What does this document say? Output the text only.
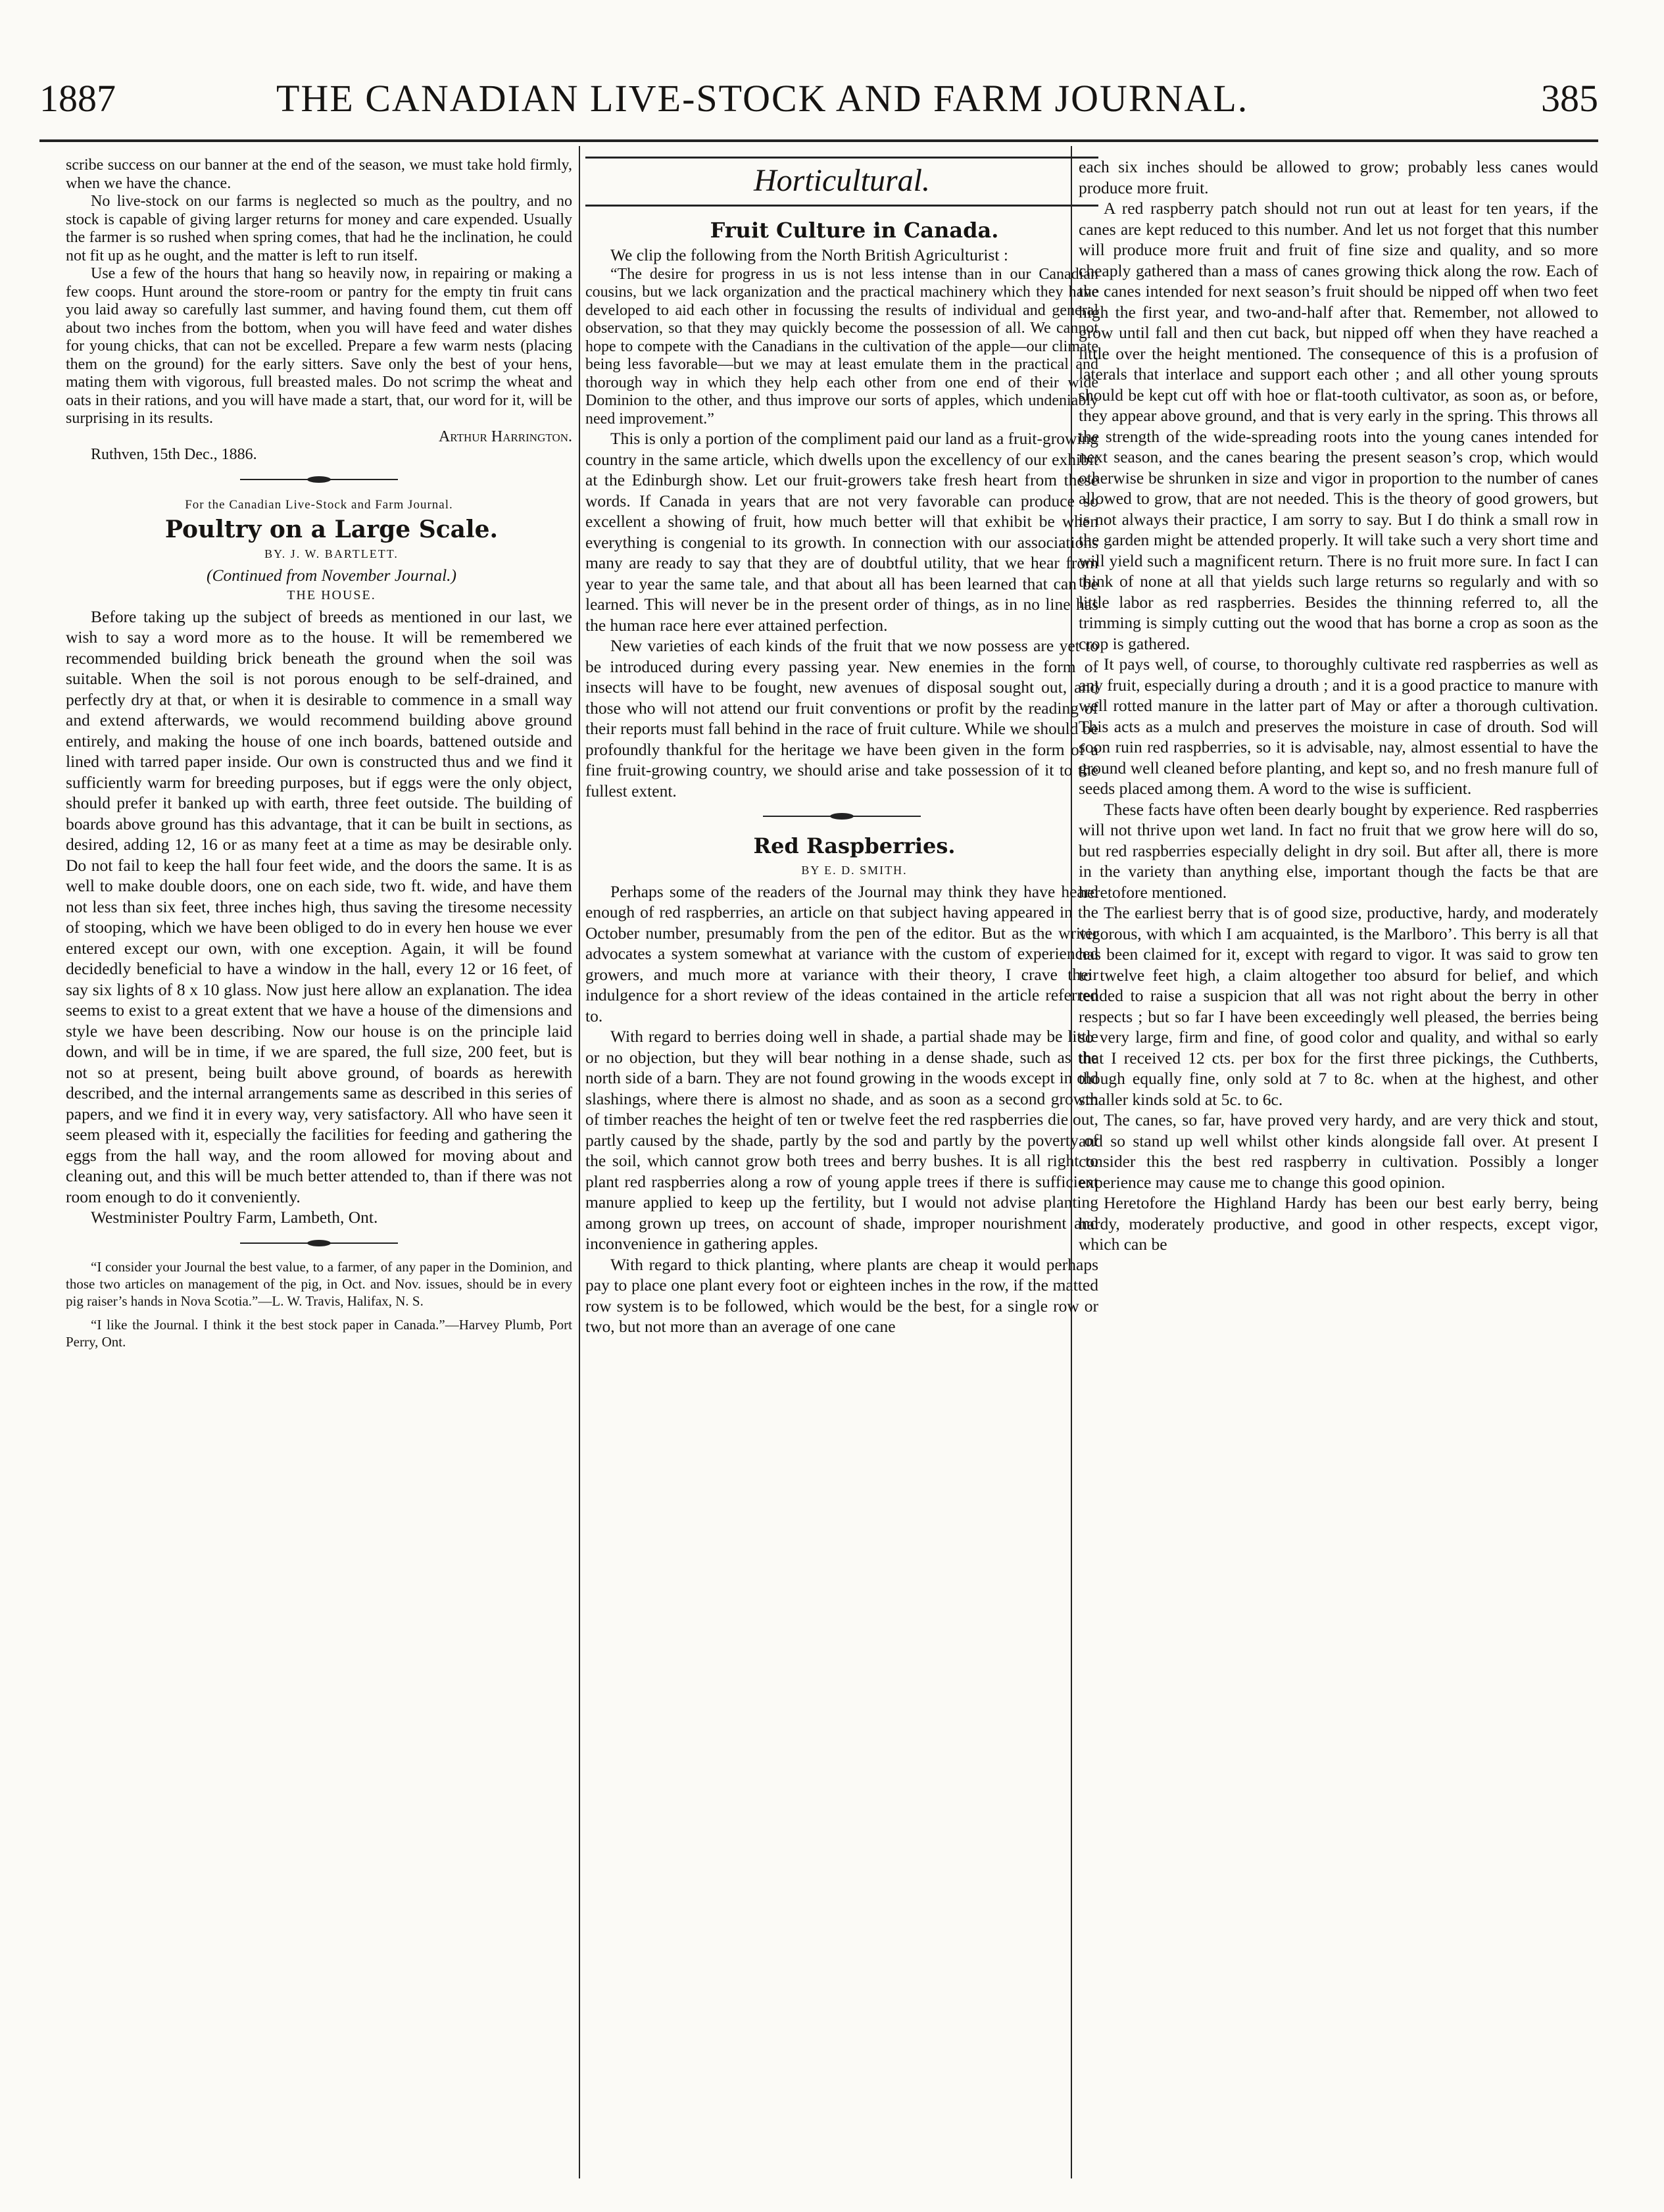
1887	THE CANADIAN LIVE-STOCK AND FARM JOURNAL.	385

scribe success on our banner at the end of the season, we must take hold firmly, when we have the chance.

No live-stock on our farms is neglected so much as the poultry, and no stock is capable of giving larger returns for money and care expended. Usually the farmer is so rushed when spring comes, that had he the inclination, he could not fit up as he ought, and the matter is left to run itself.

Use a few of the hours that hang so heavily now, in repairing or making a few coops. Hunt around the store-room or pantry for the empty tin fruit cans you laid away so carefully last summer, and having found them, cut them off about two inches from the bottom, when you will have feed and water dishes for young chicks, that can not be excelled. Prepare a few warm nests (placing them on the ground) for the early sitters. Save only the best of your hens, mating them with vigorous, full breasted males. Do not scrimp the wheat and oats in their rations, and you will have made a start, that, our word for it, will be surprising in its results.

Arthur Harrington.

Ruthven, 15th Dec., 1886.

For the Canadian Live-Stock and Farm Journal.

Poultry on a Large Scale.

BY. J. W. BARTLETT.

(Continued from November Journal.)

THE HOUSE.

Before taking up the subject of breeds as mentioned in our last, we wish to say a word more as to the house. It will be remembered we recommended building brick beneath the ground when the soil was suitable. When the soil is not porous enough to be self-drained, and perfectly dry at that, or when it is desirable to commence in a small way and extend afterwards, we would recommend building above ground entirely, and making the house of one inch boards, battened outside and lined with tarred paper inside. Our own is constructed thus and we find it sufficiently warm for breeding purposes, but if eggs were the only object, should prefer it banked up with earth, three feet outside. The building of boards above ground has this advantage, that it can be built in sections, as desired, adding 12, 16 or as many feet at a time as may be desirable only. Do not fail to keep the hall four feet wide, and the doors the same. It is as well to make double doors, one on each side, two ft. wide, and have them not less than six feet, three inches high, thus saving the tiresome necessity of stooping, which we have been obliged to do in every hen house we ever entered except our own, with one exception. Again, it will be found decidedly beneficial to have a window in the hall, every 12 or 16 feet, of say six lights of 8 x 10 glass. Now just here allow an explanation. The idea seems to exist to a great extent that we have a house of the dimensions and style we have been describing. Now our house is on the principle laid down, and will be in time, if we are spared, the full size, 200 feet, but is not so at present, being built above ground, of boards as herewith described, and the internal arrangements same as described in this series of papers, and we find it in every way, very satisfactory. All who have seen it seem pleased with it, especially the facilities for feeding and gathering the eggs from the hall way, and the room allowed for moving about and cleaning out, and this will be much better attended to, than if there was not room enough to do it conveniently.

Westminister Poultry Farm, Lambeth, Ont.

“I consider your Journal the best value, to a farmer, of any paper in the Dominion, and those two articles on management of the pig, in Oct. and Nov. issues, should be in every pig raiser’s hands in Nova Scotia.”—L. W. Travis, Halifax, N. S.

“I like the Journal. I think it the best stock paper in Canada.”—Harvey Plumb, Port Perry, Ont.

Horticultural.

Fruit Culture in Canada.

We clip the following from the North British Agriculturist :

“The desire for progress in us is not less intense than in our Canadian cousins, but we lack organization and the practical machinery which they have developed to aid each other in focussing the results of individual and general observation, so that they may quickly become the possession of all. We cannot hope to compete with the Canadians in the cultivation of the apple—our climate being less favorable—but we may at least emulate them in the practical and thorough way in which they help each other from one end of their wide Dominion to the other, and thus improve our sorts of apples, which undeniably need improvement.”

This is only a portion of the compliment paid our land as a fruit-growing country in the same article, which dwells upon the excellency of our exhibit at the Edinburgh show. Let our fruit-growers take fresh heart from these words. If Canada in years that are not very favorable can produce so excellent a showing of fruit, how much better will that exhibit be when everything is congenial to its growth. In connection with our associations many are ready to say that they are of doubtful utility, that we hear from year to year the same tale, and that about all has been learned that can be learned. This will never be in the present order of things, as in no line has the human race here ever attained perfection.

New varieties of each kinds of the fruit that we now possess are yet to be introduced during every passing year. New enemies in the form of insects will have to be fought, new avenues of disposal sought out, and those who will not attend our fruit conventions or profit by the reading of their reports must fall behind in the race of fruit culture. While we should be profoundly thankful for the heritage we have been given in the form of a fine fruit-growing country, we should arise and take possession of it to the fullest extent.

Red Raspberries.

BY E. D. SMITH.

Perhaps some of the readers of the Journal may think they have heard enough of red raspberries, an article on that subject having appeared in the October number, presumably from the pen of the editor. But as the writer advocates a system somewhat at variance with the custom of experienced growers, and much more at variance with their theory, I crave their indulgence for a short review of the ideas contained in the article referred to.

With regard to berries doing well in shade, a partial shade may be little or no objection, but they will bear nothing in a dense shade, such as the north side of a barn. They are not found growing in the woods except in old slashings, where there is almost no shade, and as soon as a second growth of timber reaches the height of ten or twelve feet the red raspberries die out, partly caused by the shade, partly by the sod and partly by the poverty of the soil, which cannot grow both trees and berry bushes. It is all right to plant red raspberries along a row of young apple trees if there is sufficient manure applied to keep up the fertility, but I would not advise planting among grown up trees, on account of shade, improper nourishment and inconvenience in gathering apples.

With regard to thick planting, where plants are cheap it would perhaps pay to place one plant every foot or eighteen inches in the row, if the matted row system is to be followed, which would be the best, for a single row or two, but not more than an average of one cane

each six inches should be allowed to grow; probably less canes would produce more fruit.

A red raspberry patch should not run out at least for ten years, if the canes are kept reduced to this number. And let us not forget that this number will produce more fruit and fruit of fine size and quality, and so more cheaply gathered than a mass of canes growing thick along the row. Each of the canes intended for next season’s fruit should be nipped off when two feet high the first year, and two-and-half after that. Remember, not allowed to grow until fall and then cut back, but nipped off when they have reached a little over the height mentioned. The consequence of this is a profusion of laterals that interlace and support each other ; and all other young sprouts should be kept cut off with hoe or flat-tooth cultivator, as soon as, or before, they appear above ground, and that is very early in the spring. This throws all the strength of the wide-spreading roots into the young canes intended for next season, and the canes bearing the present season’s crop, which would otherwise be shrunken in size and vigor in proportion to the number of canes allowed to grow, that are not needed. This is the theory of good growers, but is not always their practice, I am sorry to say. But I do think a small row in the garden might be attended properly. It will take such a very short time and will yield such a magnificent return. There is no fruit more sure. In fact I can think of none at all that yields such large returns so regularly and with so little labor as red raspberries. Besides the thinning referred to, all the trimming is simply cutting out the wood that has borne a crop as soon as the crop is gathered.

It pays well, of course, to thoroughly cultivate red raspberries as well as any fruit, especially during a drouth ; and it is a good practice to manure with well rotted manure in the latter part of May or after a thorough cultivation. This acts as a mulch and preserves the moisture in case of drouth. Sod will soon ruin red raspberries, so it is advisable, nay, almost essential to have the ground well cleaned before planting, and kept so, and no fresh manure full of seeds placed among them. A word to the wise is sufficient.

These facts have often been dearly bought by experience. Red raspberries will not thrive upon wet land. In fact no fruit that we grow here will do so, but red raspberries especially delight in dry soil. But after all, there is more in the variety than anything else, important though the facts be that are heretofore mentioned.

The earliest berry that is of good size, productive, hardy, and moderately vigorous, with which I am acquainted, is the Marlboro’. This berry is all that has been claimed for it, except with regard to vigor. It was said to grow ten to twelve feet high, a claim altogether too absurd for belief, and which tended to raise a suspicion that all was not right about the berry in other respects ; but so far I have been exceedingly well pleased, the berries being so very large, firm and fine, of good color and quality, and withal so early that I received 12 cts. per box for the first three pickings, the Cuthberts, though equally fine, only sold at 7 to 8c. when at the highest, and other smaller kinds sold at 5c. to 6c.

The canes, so far, have proved very hardy, and are very thick and stout, and so stand up well whilst other kinds alongside fall over. At present I consider this the best red raspberry in cultivation. Possibly a longer experience may cause me to change this good opinion.

Heretofore the Highland Hardy has been our best early berry, being hardy, moderately productive, and good in other respects, except vigor, which can be
